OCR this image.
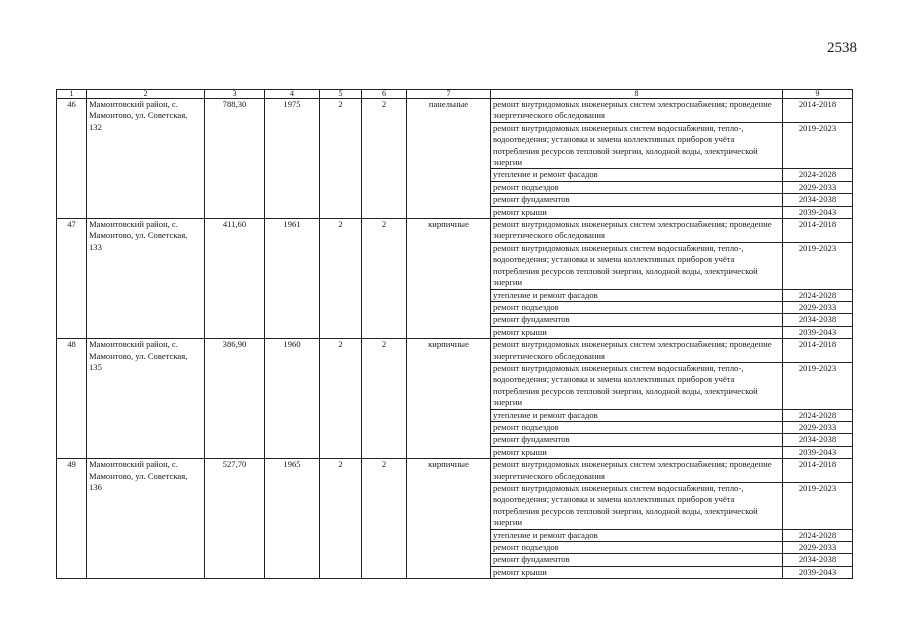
2538
1	2	3	4	5	6	7	8	9
46	Мамонтовский район, с. Мамонтово, ул. Советская, 132	788,30	1975	2	2	панельные	ремонт внутридомовых инженерных систем электроснабжения; проведение энергетического обследования	2014-2018
							ремонт внутридомовых инженерных систем водоснабжения, тепло-, водоотведения; установка и замена коллективных приборов учёта потребления ресурсов тепловой энергии, холодной воды, электрической энергии	2019-2023
							утепление и ремонт фасадов	2024-2028
							ремонт подъездов	2029-2033
							ремонт фундаментов	2034-2038
							ремонт крыши	2039-2043
47	Мамонтовский район, с. Мамонтово, ул. Советская, 133	411,60	1961	2	2	кирпичные	ремонт внутридомовых инженерных систем электроснабжения; проведение энергетического обследования	2014-2018
							ремонт внутридомовых инженерных систем водоснабжения, тепло-, водоотведения; установка и замена коллективных приборов учёта потребления ресурсов тепловой энергии, холодной воды, электрической энергии	2019-2023
							утепление и ремонт фасадов	2024-2028
							ремонт подъездов	2029-2033
							ремонт фундаментов	2034-2038
							ремонт крыши	2039-2043
48	Мамонтовский район, с. Мамонтово, ул. Советская, 135	386,90	1960	2	2	кирпичные	ремонт внутридомовых инженерных систем электроснабжения; проведение энергетического обследования	2014-2018
							ремонт внутридомовых инженерных систем водоснабжения, тепло-, водоотведения; установка и замена коллективных приборов учёта потребления ресурсов тепловой энергии, холодной воды, электрической энергии	2019-2023
							утепление и ремонт фасадов	2024-2028
							ремонт подъездов	2029-2033
							ремонт фундаментов	2034-2038
							ремонт крыши	2039-2043
49	Мамонтовский район, с. Мамонтово, ул. Советская, 136	527,70	1965	2	2	кирпичные	ремонт внутридомовых инженерных систем электроснабжения; проведение энергетического обследования	2014-2018
							ремонт внутридомовых инженерных систем водоснабжения, тепло-, водоотведения; установка и замена коллективных приборов учёта потребления ресурсов тепловой энергии, холодной воды, электрической энергии	2019-2023
							утепление и ремонт фасадов	2024-2028
							ремонт подъездов	2029-2033
							ремонт фундаментов	2034-2038
							ремонт крыши	2039-2043
